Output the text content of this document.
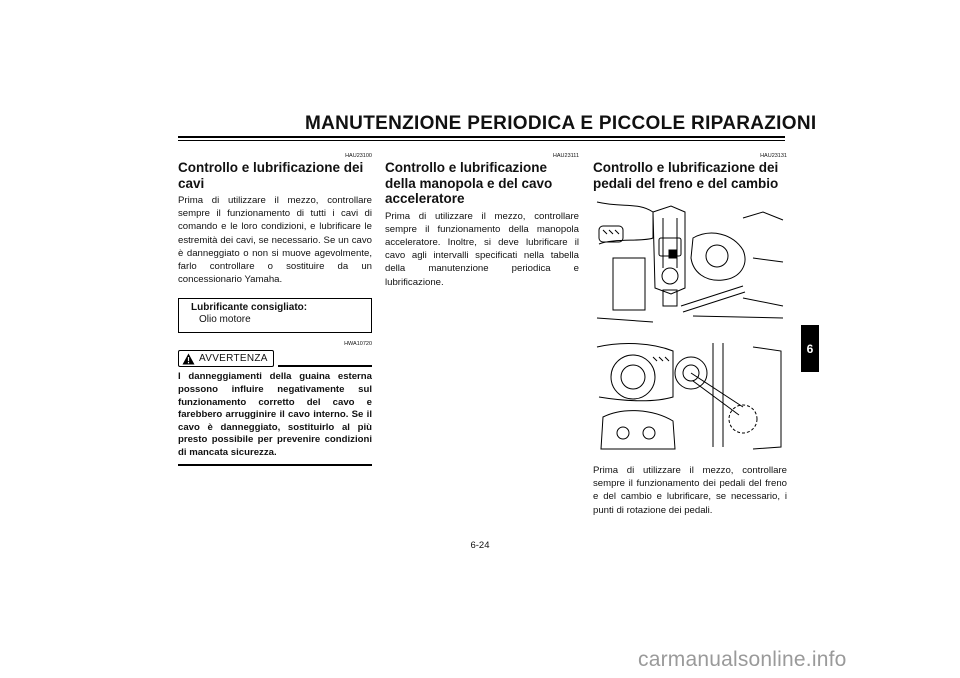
MANUTENZIONE PERIODICA E PICCOLE RIPARAZIONI
HAU23100
Controllo e lubrificazione dei cavi

Prima di utilizzare il mezzo, controllare sempre il funzionamento di tutti i cavi di comando e le loro condizioni, e lubrificare le estremità dei cavi, se necessario. Se un cavo è danneggiato o non si muove agevolmente, farlo controllare o sostituire da un concessionario Yamaha.

Lubrificante consigliato:
Olio motore
HWA10720
AVVERTENZA

I danneggiamenti della guaina esterna possono influire negativamente sul funzionamento corretto del cavo e farebbero arrugginire il cavo interno. Se il cavo è danneggiato, sostituirlo al più presto possibile per prevenire condizioni di mancata sicurezza.

HAU23111
Controllo e lubrificazione della manopola e del cavo acceleratore

Prima di utilizzare il mezzo, controllare sempre il funzionamento della manopola acceleratore. Inoltre, si deve lubrificare il cavo agli intervalli specificati nella tabella della manutenzione periodica e lubrificazione.

HAU23131
Controllo e lubrificazione dei pedali del freno e del cambio

Prima di utilizzare il mezzo, controllare sempre il funzionamento dei pedali del freno e del cambio e lubrificare, se necessario, i punti di rotazione dei pedali.

6
6-24
carmanualsonline.info
